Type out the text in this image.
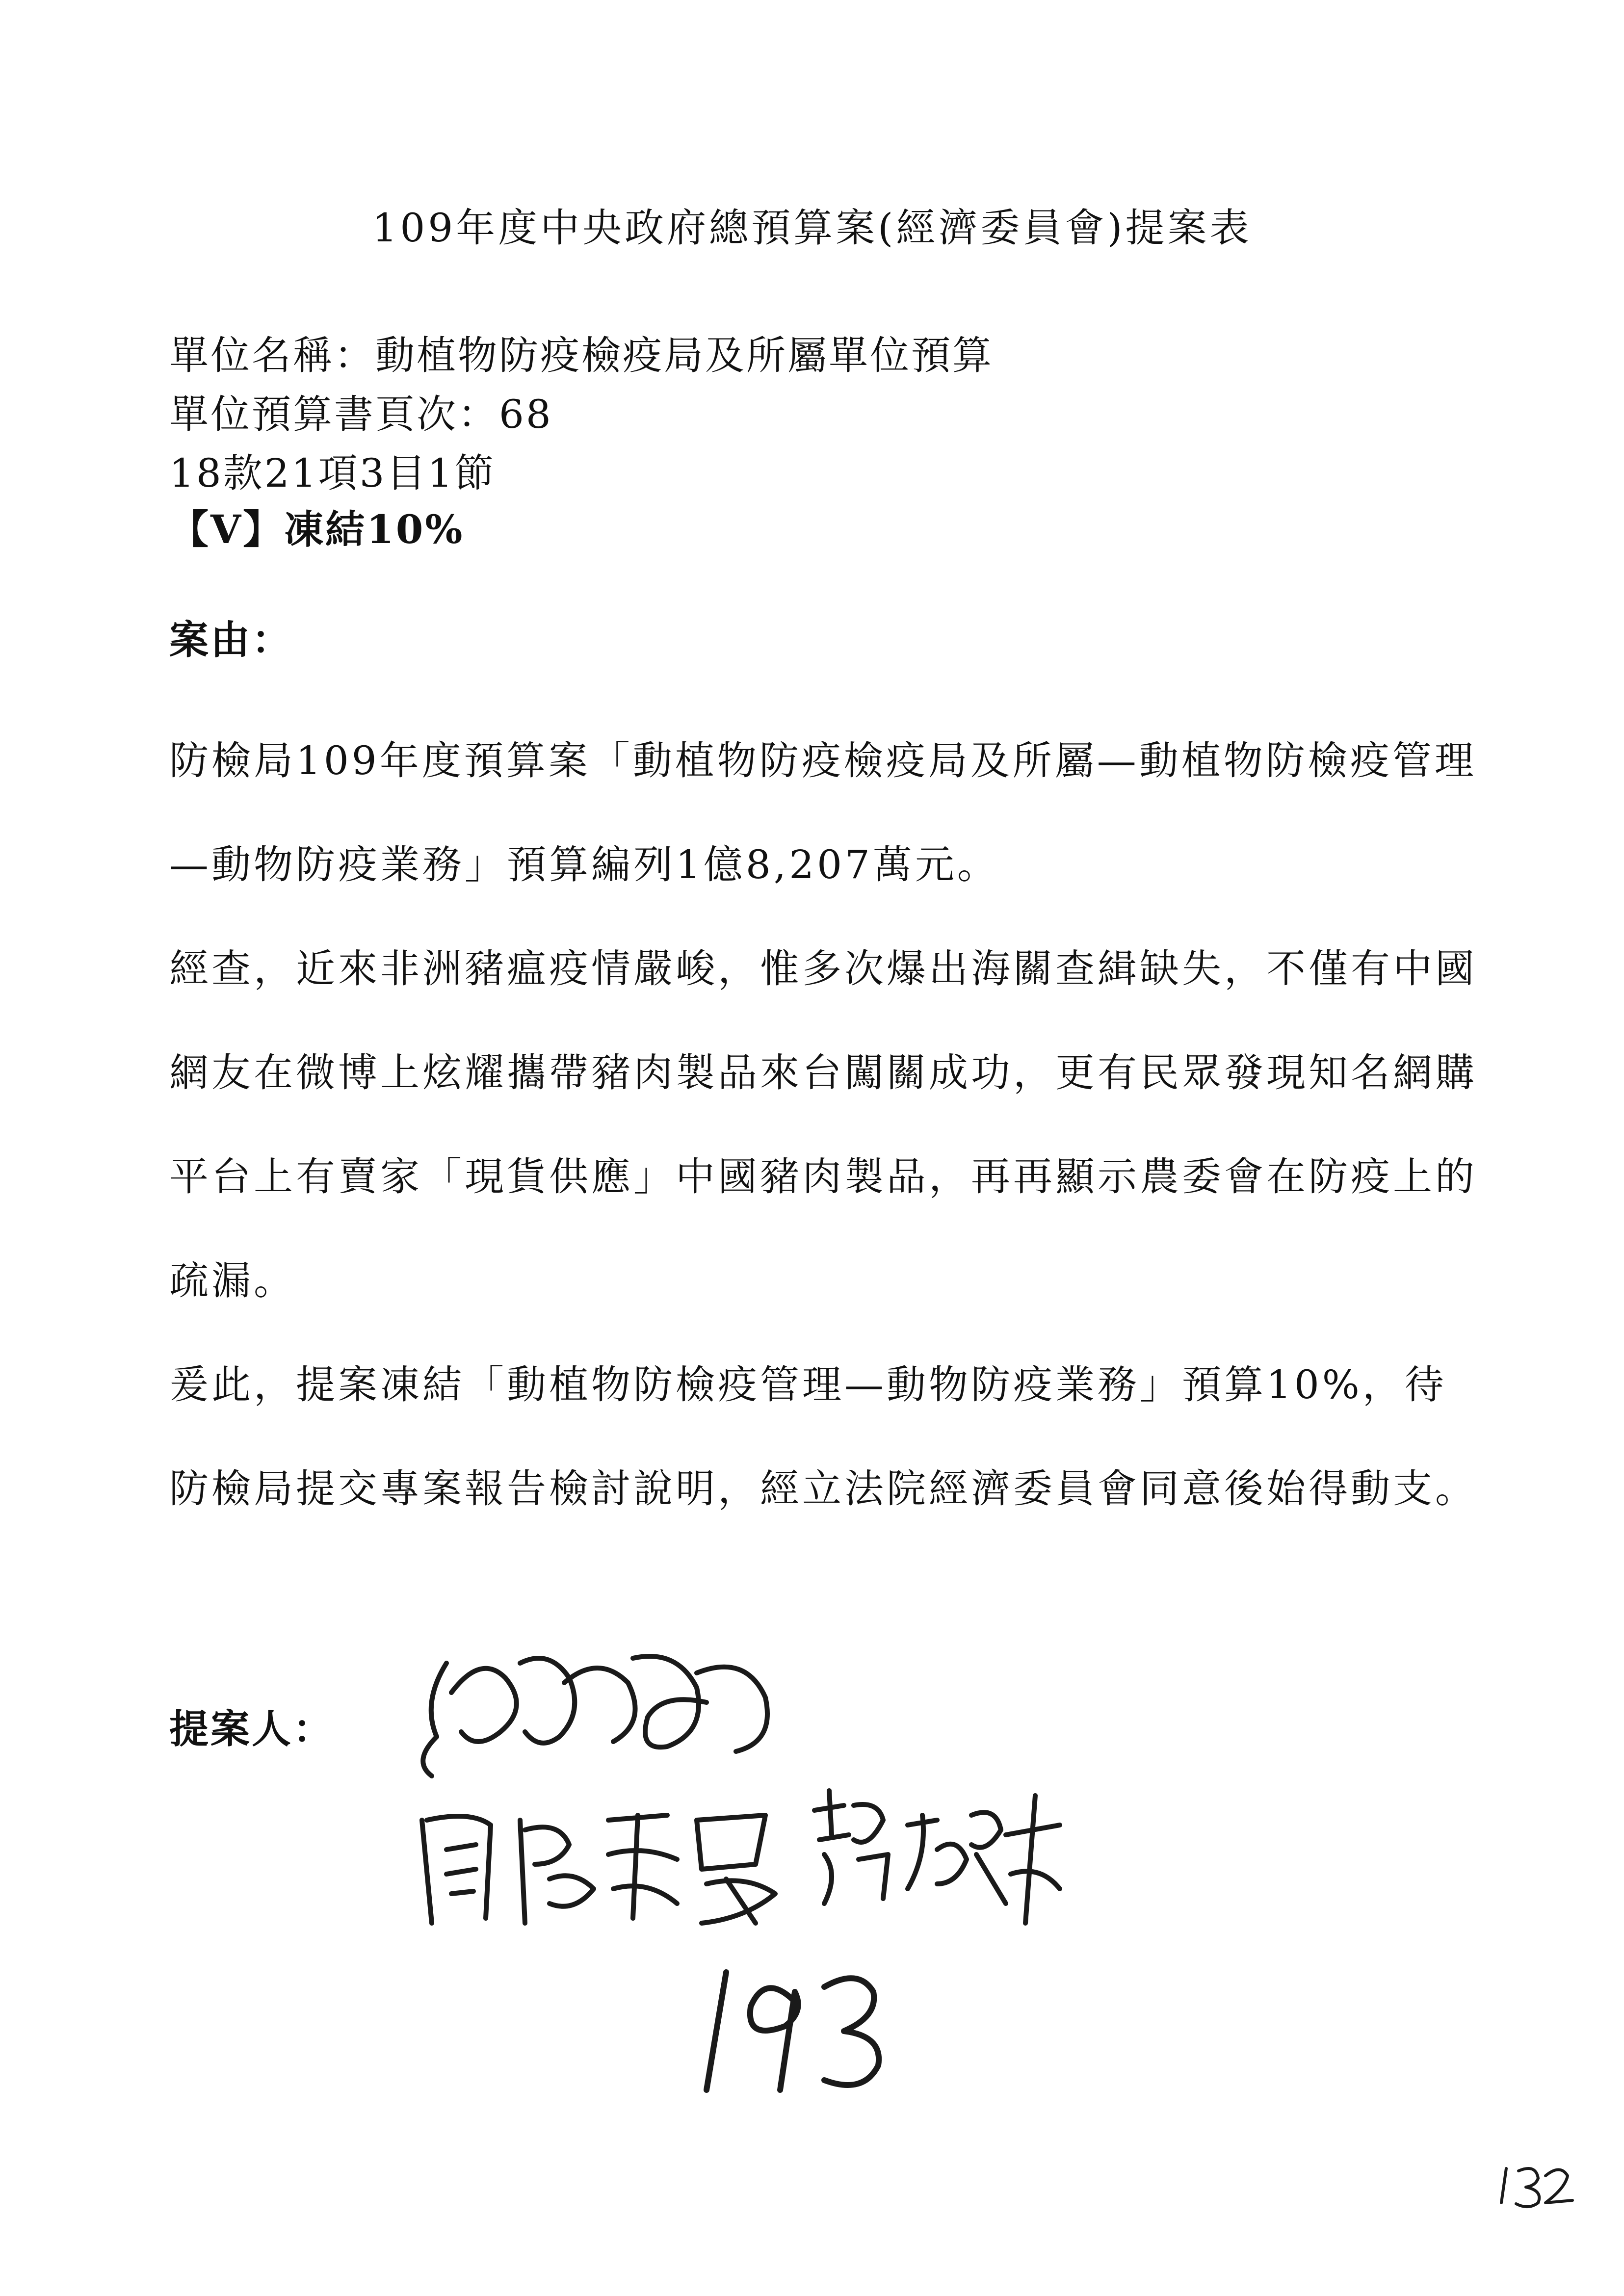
109年度中央政府總預算案(經濟委員會)提案表
單位名稱：動植物防疫檢疫局及所屬單位預算
單位預算書頁次：68
18款21項3目1節
【V】凍結10%
案由：

防檢局109年度預算案「動植物防疫檢疫局及所屬—動植物防檢疫管理—動物防疫業務」預算編列1億8,207萬元。

經查，近來非洲豬瘟疫情嚴峻，惟多次爆出海關查緝缺失，不僅有中國網友在微博上炫耀攜帶豬肉製品來台闖關成功，更有民眾發現知名網購平台上有賣家「現貨供應」中國豬肉製品，再再顯示農委會在防疫上的疏漏。

爰此，提案凍結「動植物防檢疫管理—動物防疫業務」預算10%，待防檢局提交專案報告檢討說明，經立法院經濟委員會同意後始得動支。

提案人：
